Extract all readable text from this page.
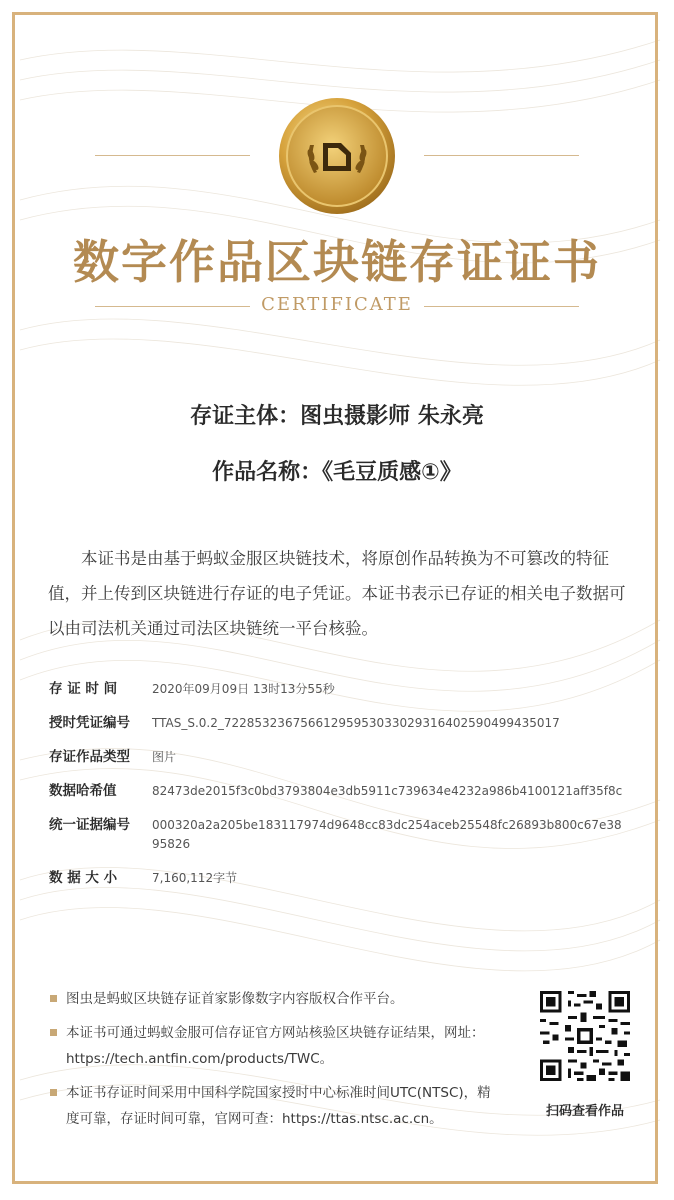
数字作品区块链存证证书
CERTIFICATE
存证主体：图虫摄影师 朱永亮
作品名称：《毛豆质感①》
本证书是由基于蚂蚁金服区块链技术，将原创作品转换为不可篡改的特征值，并上传到区块链进行存证的电子凭证。本证书表示已存证的相关电子数据可以由司法机关通过司法区块链统一平台核验。
存 证 时 间	2020年09月09日 13时13分55秒
授时凭证编号	TTAS_S.0.2_722853236756612959530330293164025904994350​17
存证作品类型	图片
数据哈希值	82473de2015f3c0bd3793804e3db5911c739634e4232a986b4100121aff35f8c
统一证据编号	000320a2a205be183117974d9648cc83dc254aceb25548fc26893b800c67e3895826
数 据 大 小	7,160,112字节
图虫是蚂蚁区块链存证首家影像数字内容版权合作平台。
本证书可通过蚂蚁金服可信存证官方网站核验区块链存证结果，网址：https://tech.antfin.com/products/TWC。
本证书存证时间采用中国科学院国家授时中心标准时间UTC(NTSC)，精度可靠，存证时间可靠，官网可查：https://ttas.ntsc.ac.cn。	扫码查看作品
